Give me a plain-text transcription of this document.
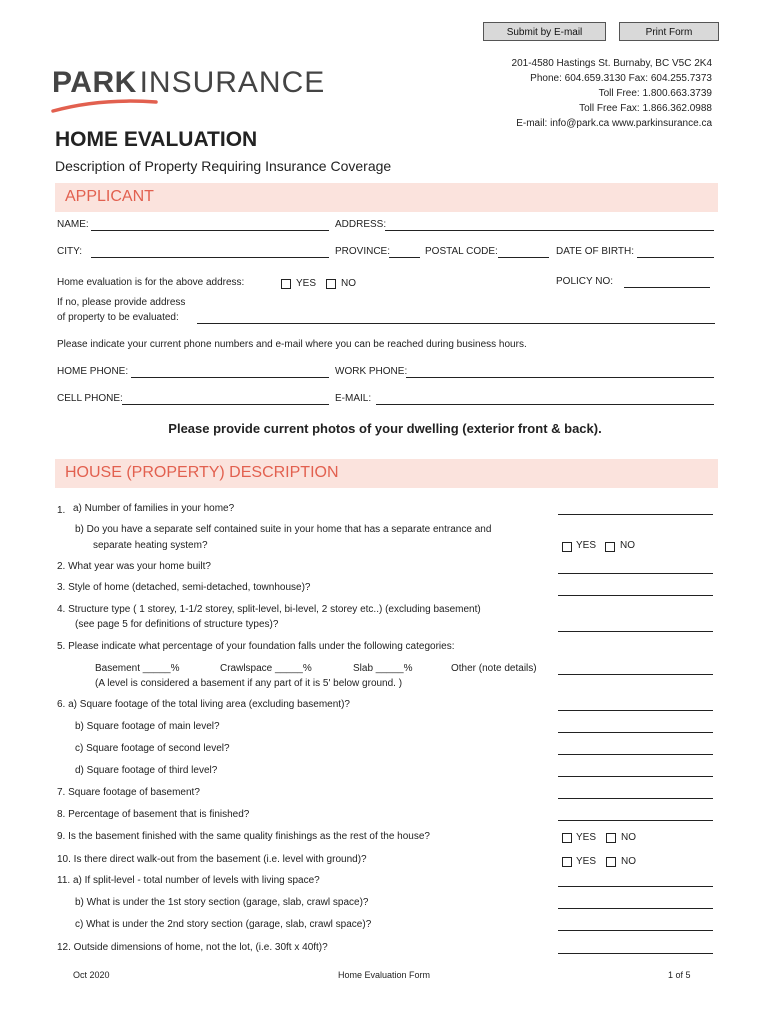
Submit by E-mail	Print Form
201-4580 Hastings St. Burnaby, BC V5C 2K4
Phone: 604.659.3130 Fax: 604.255.7373
Toll Free: 1.800.663.3739
Toll Free Fax: 1.866.362.0988
E-mail: info@park.ca www.parkinsurance.ca
PARK INSURANCE
HOME EVALUATION
Description of Property Requiring Insurance Coverage
APPLICANT
NAME:	ADDRESS:
CITY:	PROVINCE:	POSTAL CODE:	DATE OF BIRTH:
Home evaluation is for the above address:	YES NO	POLICY NO:
If no, please provide address
of property to be evaluated:
Please indicate your current phone numbers and e-mail where you can be reached during business hours.
HOME PHONE:	WORK PHONE:
CELL PHONE:	E-MAIL:
Please provide current photos of your dwelling (exterior front & back).
HOUSE (PROPERTY) DESCRIPTION
1. a) Number of families in your home?
b) Do you have a separate self contained suite in your home that has a separate entrance and
separate heating system?	YES NO
2. What year was your home built?
3. Style of home (detached, semi-detached, townhouse)?
4. Structure type ( 1 storey, 1-1/2 storey, split-level, bi-level, 2 storey etc..) (excluding basement)
(see page 5 for definitions of structure types)?
5. Please indicate what percentage of your foundation falls under the following categories:
Basement _____%	Crawlspace _____%	Slab _____%	Other (note details)
(A level is considered a basement if any part of it is 5' below ground. )
6. a) Square footage of the total living area (excluding basement)?
b) Square footage of main level?
c) Square footage of second level?
d) Square footage of third level?
7. Square footage of basement?
8. Percentage of basement that is finished?
9. Is the basement finished with the same quality finishings as the rest of the house?	YES NO
10. Is there direct walk-out from the basement (i.e. level with ground)?	YES NO
11. a) If split-level - total number of levels with living space?
b) What is under the 1st story section (garage, slab, crawl space)?
c) What is under the 2nd story section (garage, slab, crawl space)?
12. Outside dimensions of home, not the lot, (i.e. 30ft x 40ft)?
Oct 2020	Home Evaluation Form	1 of 5
